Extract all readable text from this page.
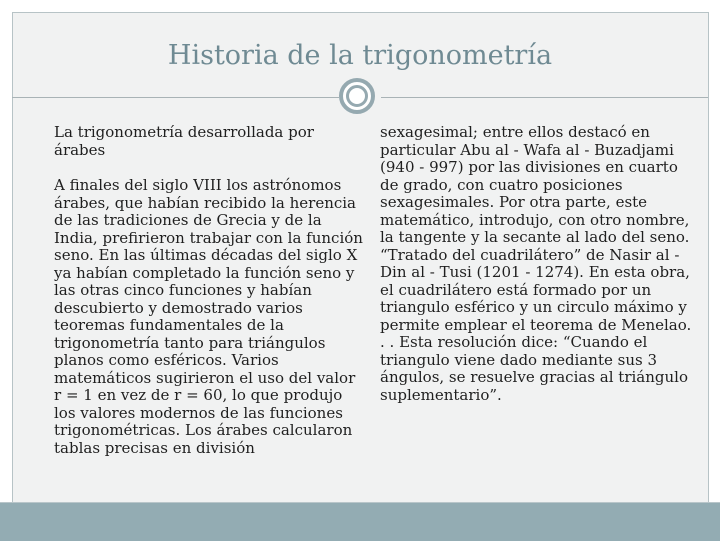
Historia de la trigonometría

La trigonometría desarrollada por árabes

A finales del siglo VIII los astrónomos árabes, que habían recibido la herencia de las tradiciones de Grecia y de la India, prefirieron trabajar con la función seno. En las últimas décadas del siglo X ya habían completado la función seno y las otras cinco funciones y habían descubierto y demostrado varios teoremas fundamentales de la trigonometría tanto para triángulos planos como esféricos. Varios matemáticos sugirieron el uso del valor r = 1 en vez de r = 60, lo que produjo los valores modernos de las funciones trigonométricas. Los árabes calcularon tablas precisas en división

sexagesimal; entre ellos destacó en particular Abu al - Wafa al - Buzadjami (940 - 997) por las divisiones en cuarto de grado, con cuatro posiciones sexagesimales. Por otra parte, este matemático, introdujo, con otro nombre, la tangente y la secante al lado del seno. “Tratado del cuadrilátero” de Nasir al - Din al - Tusi (1201 - 1274). En esta obra, el cuadrilátero está formado por un triangulo esférico y un circulo máximo y permite emplear el teorema de Menelao. . . Esta resolución dice: “Cuando el triangulo viene dado mediante sus 3 ángulos, se resuelve gracias al triángulo suplementario”.
